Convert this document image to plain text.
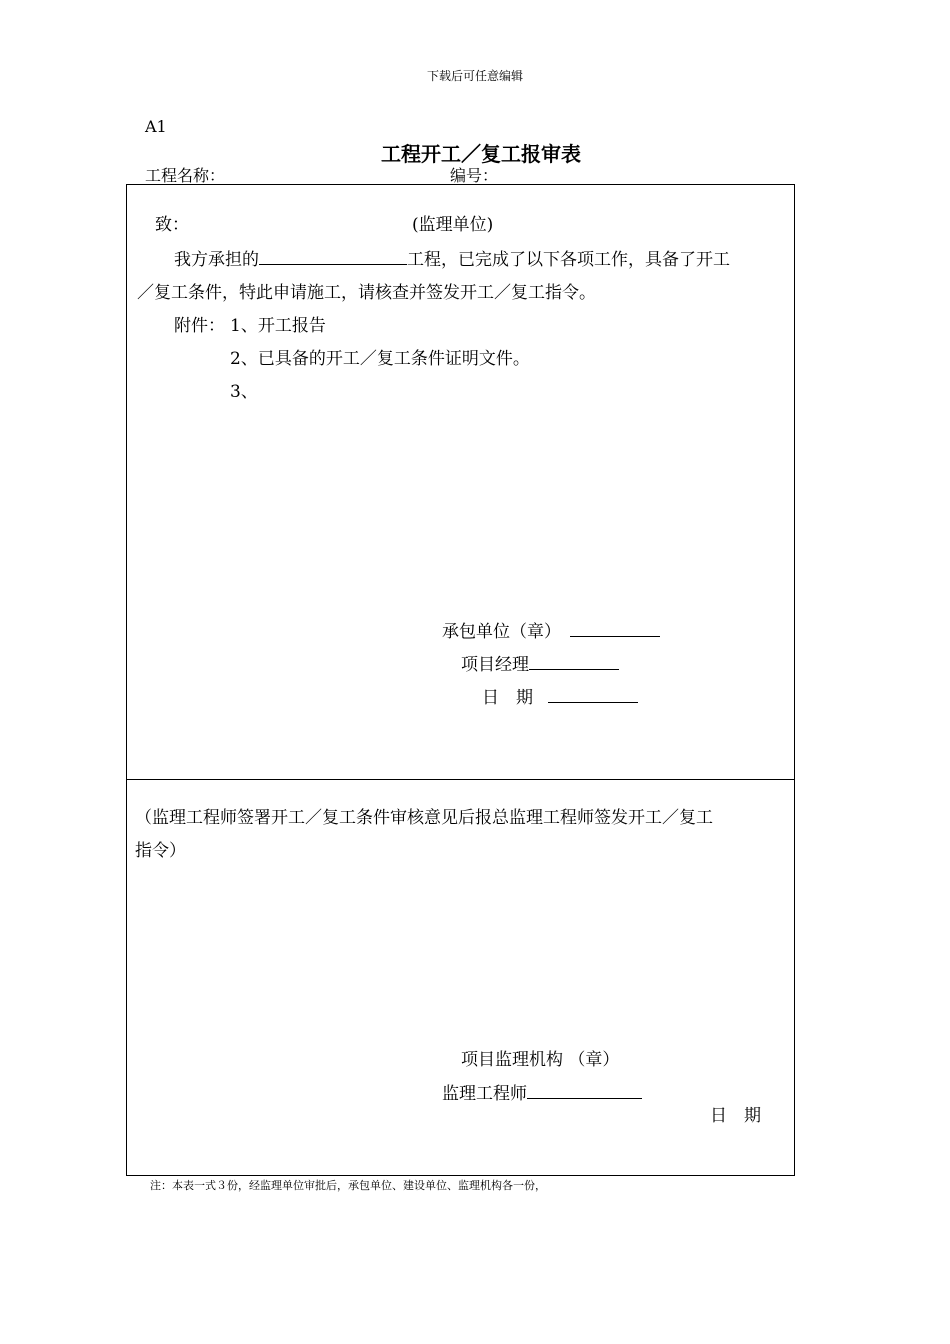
下载后可任意编辑
A1
工程开工／复工报审表
工程名称：	编号：
致：	(监理单位)
我方承担的	工程，已完成了以下各项工作，具备了开工
／复工条件，特此申请施工，请核查并签发开工／复工指令。
附件： 1、开工报告
2、已具备的开工／复工条件证明文件。
3、
承包单位（章）
项目经理
日　期
（监理工程师签署开工／复工条件审核意见后报总监理工程师签发开工／复工
指令）
项目监理机构 （章）
监理工程师
日　期
注：本表一式３份，经监理单位审批后，承包单位、建设单位、监理机构各一份，
